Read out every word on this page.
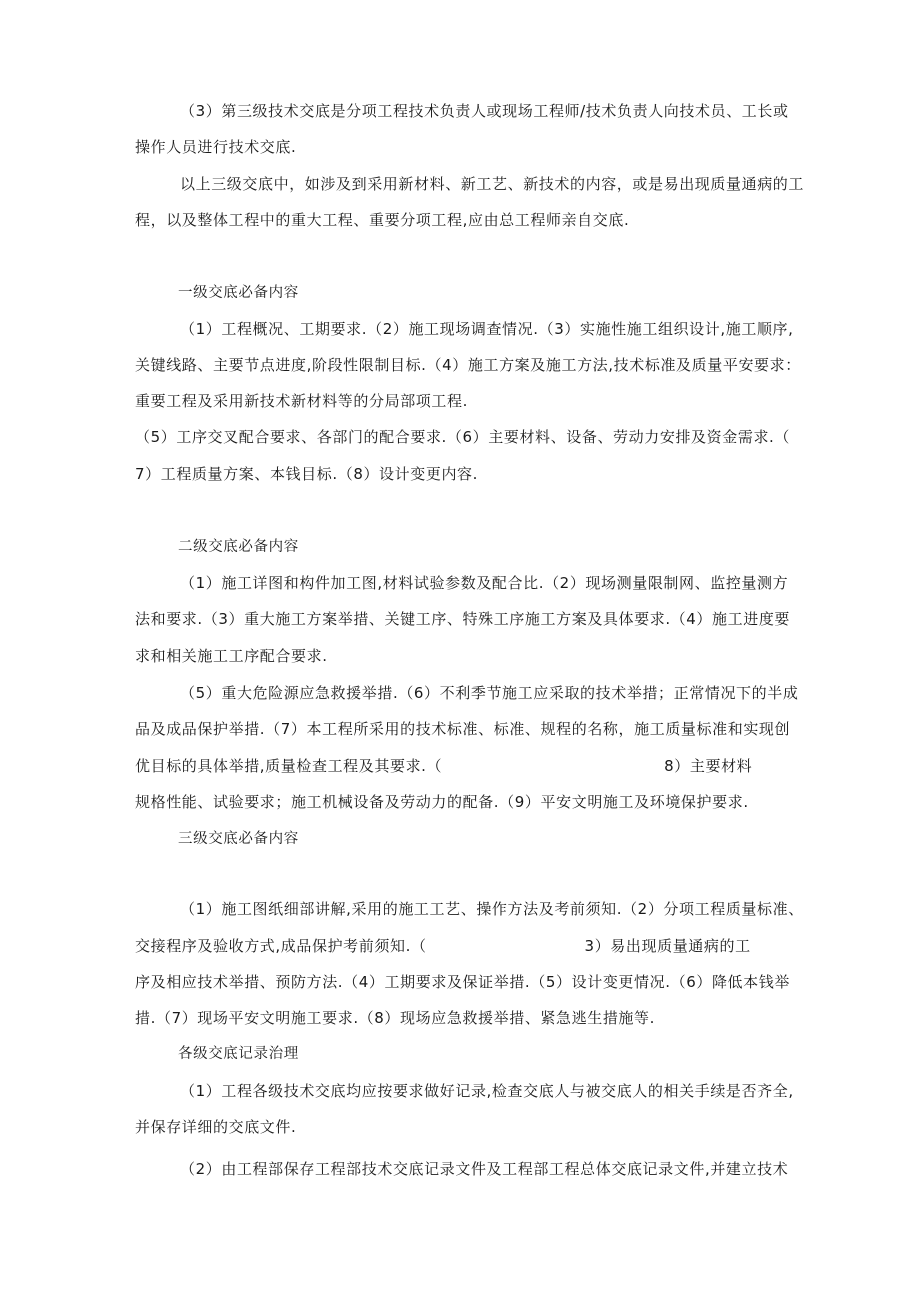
（3）第三级技术交底是分项工程技术负责人或现场工程师/技术负责人向技术员、工长或
操作人员进行技术交底.
以上三级交底中，如涉及到采用新材料、新工艺、新技术的内容，或是易出现质量通病的工
程，以及整体工程中的重大工程、重要分项工程,应由总工程师亲自交底.
一级交底必备内容
（1）工程概况、工期要求.（2）施工现场调查情况.（3）实施性施工组织设计,施工顺序,
关键线路、主要节点进度,阶段性限制目标.（4）施工方案及施工方法,技术标准及质量平安要求：
重要工程及采用新技术新材料等的分局部项工程.
（5）工序交叉配合要求、各部门的配合要求.（6）主要材料、设备、劳动力安排及资金需求.（
7）工程质量方案、本钱目标.（8）设计变更内容.
二级交底必备内容
（1）施工详图和构件加工图,材料试验参数及配合比.（2）现场测量限制网、监控量测方
法和要求.（3）重大施工方案举措、关键工序、特殊工序施工方案及具体要求.（4）施工进度要
求和相关施工工序配合要求.
（5）重大危险源应急救援举措.（6）不利季节施工应采取的技术举措；正常情况下的半成
品及成品保护举措.（7）本工程所采用的技术标准、标准、规程的名称，施工质量标准和实现创
优目标的具体举措,质量检查工程及其要求.（	8）主要材料
规格性能、试验要求；施工机械设备及劳动力的配备.（9）平安文明施工及环境保护要求.
三级交底必备内容
（1）施工图纸细部讲解,采用的施工工艺、操作方法及考前须知.（2）分项工程质量标准、
交接程序及验收方式,成品保护考前须知.（	3）易出现质量通病的工
序及相应技术举措、预防方法.（4）工期要求及保证举措.（5）设计变更情况.（6）降低本钱举
措.（7）现场平安文明施工要求.（8）现场应急救援举措、紧急逃生措施等.
各级交底记录治理
（1）工程各级技术交底均应按要求做好记录,检查交底人与被交底人的相关手续是否齐全,
并保存详细的交底文件.
（2）由工程部保存工程部技术交底记录文件及工程部工程总体交底记录文件,并建立技术
